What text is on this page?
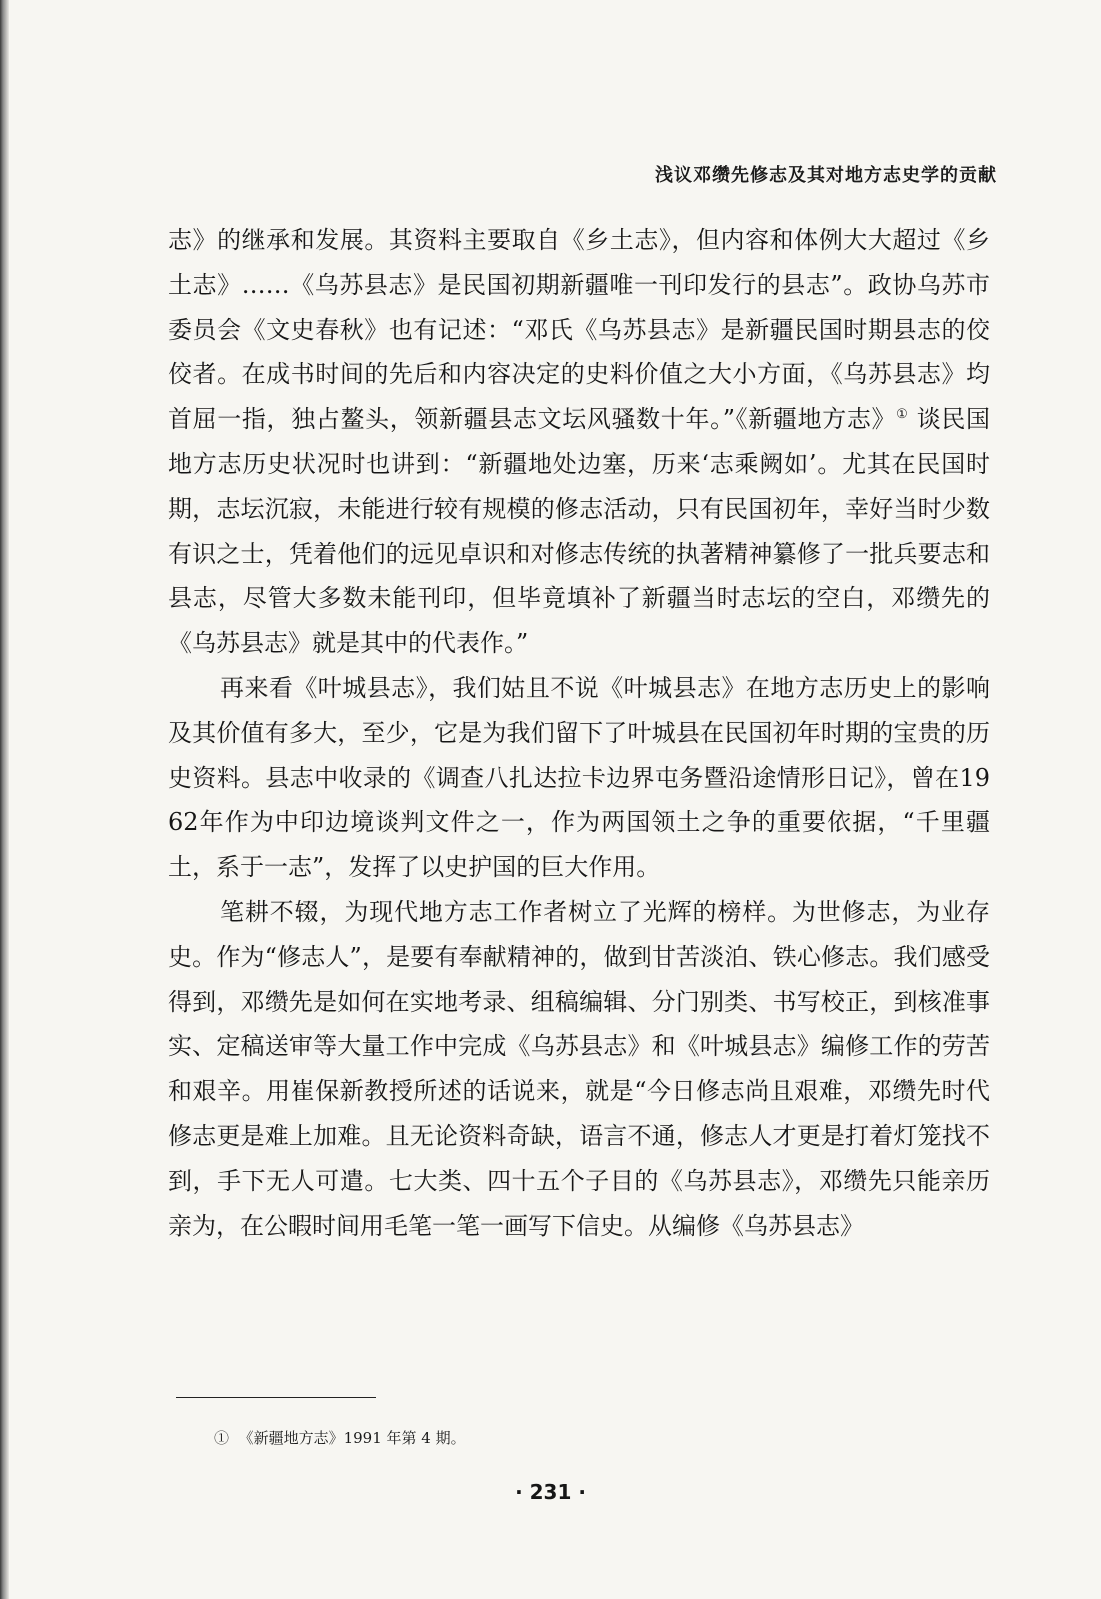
浅议邓缵先修志及其对地方志史学的贡献

志》的继承和发展。其资料主要取自《乡土志》，但内容和体例大大超过《乡土志》……《乌苏县志》是民国初期新疆唯一刊印发行的县志”。政协乌苏市委员会《文史春秋》也有记述：“邓氏《乌苏县志》是新疆民国时期县志的佼佼者。在成书时间的先后和内容决定的史料价值之大小方面，《乌苏县志》均首屈一指，独占鳌头，领新疆县志文坛风骚数十年。”《新疆地方志》① 谈民国地方志历史状况时也讲到：“新疆地处边塞，历来‘志乘阙如’。尤其在民国时期，志坛沉寂，未能进行较有规模的修志活动，只有民国初年，幸好当时少数有识之士，凭着他们的远见卓识和对修志传统的执著精神纂修了一批兵要志和县志，尽管大多数未能刊印，但毕竟填补了新疆当时志坛的空白，邓缵先的《乌苏县志》就是其中的代表作。”

再来看《叶城县志》，我们姑且不说《叶城县志》在地方志历史上的影响及其价值有多大，至少，它是为我们留下了叶城县在民国初年时期的宝贵的历史资料。县志中收录的《调查八扎达拉卡边界屯务暨沿途情形日记》，曾在1962年作为中印边境谈判文件之一，作为两国领土之争的重要依据，“千里疆土，系于一志”，发挥了以史护国的巨大作用。

笔耕不辍，为现代地方志工作者树立了光辉的榜样。为世修志，为业存史。作为“修志人”，是要有奉献精神的，做到甘苦淡泊、铁心修志。我们感受得到，邓缵先是如何在实地考录、组稿编辑、分门别类、书写校正，到核准事实、定稿送审等大量工作中完成《乌苏县志》和《叶城县志》编修工作的劳苦和艰辛。用崔保新教授所述的话说来，就是“今日修志尚且艰难，邓缵先时代修志更是难上加难。且无论资料奇缺，语言不通，修志人才更是打着灯笼找不到，手下无人可遣。七大类、四十五个子目的《乌苏县志》，邓缵先只能亲历亲为，在公暇时间用毛笔一笔一画写下信史。从编修《乌苏县志》

① 《新疆地方志》1991 年第 4 期。
· 231 ·
